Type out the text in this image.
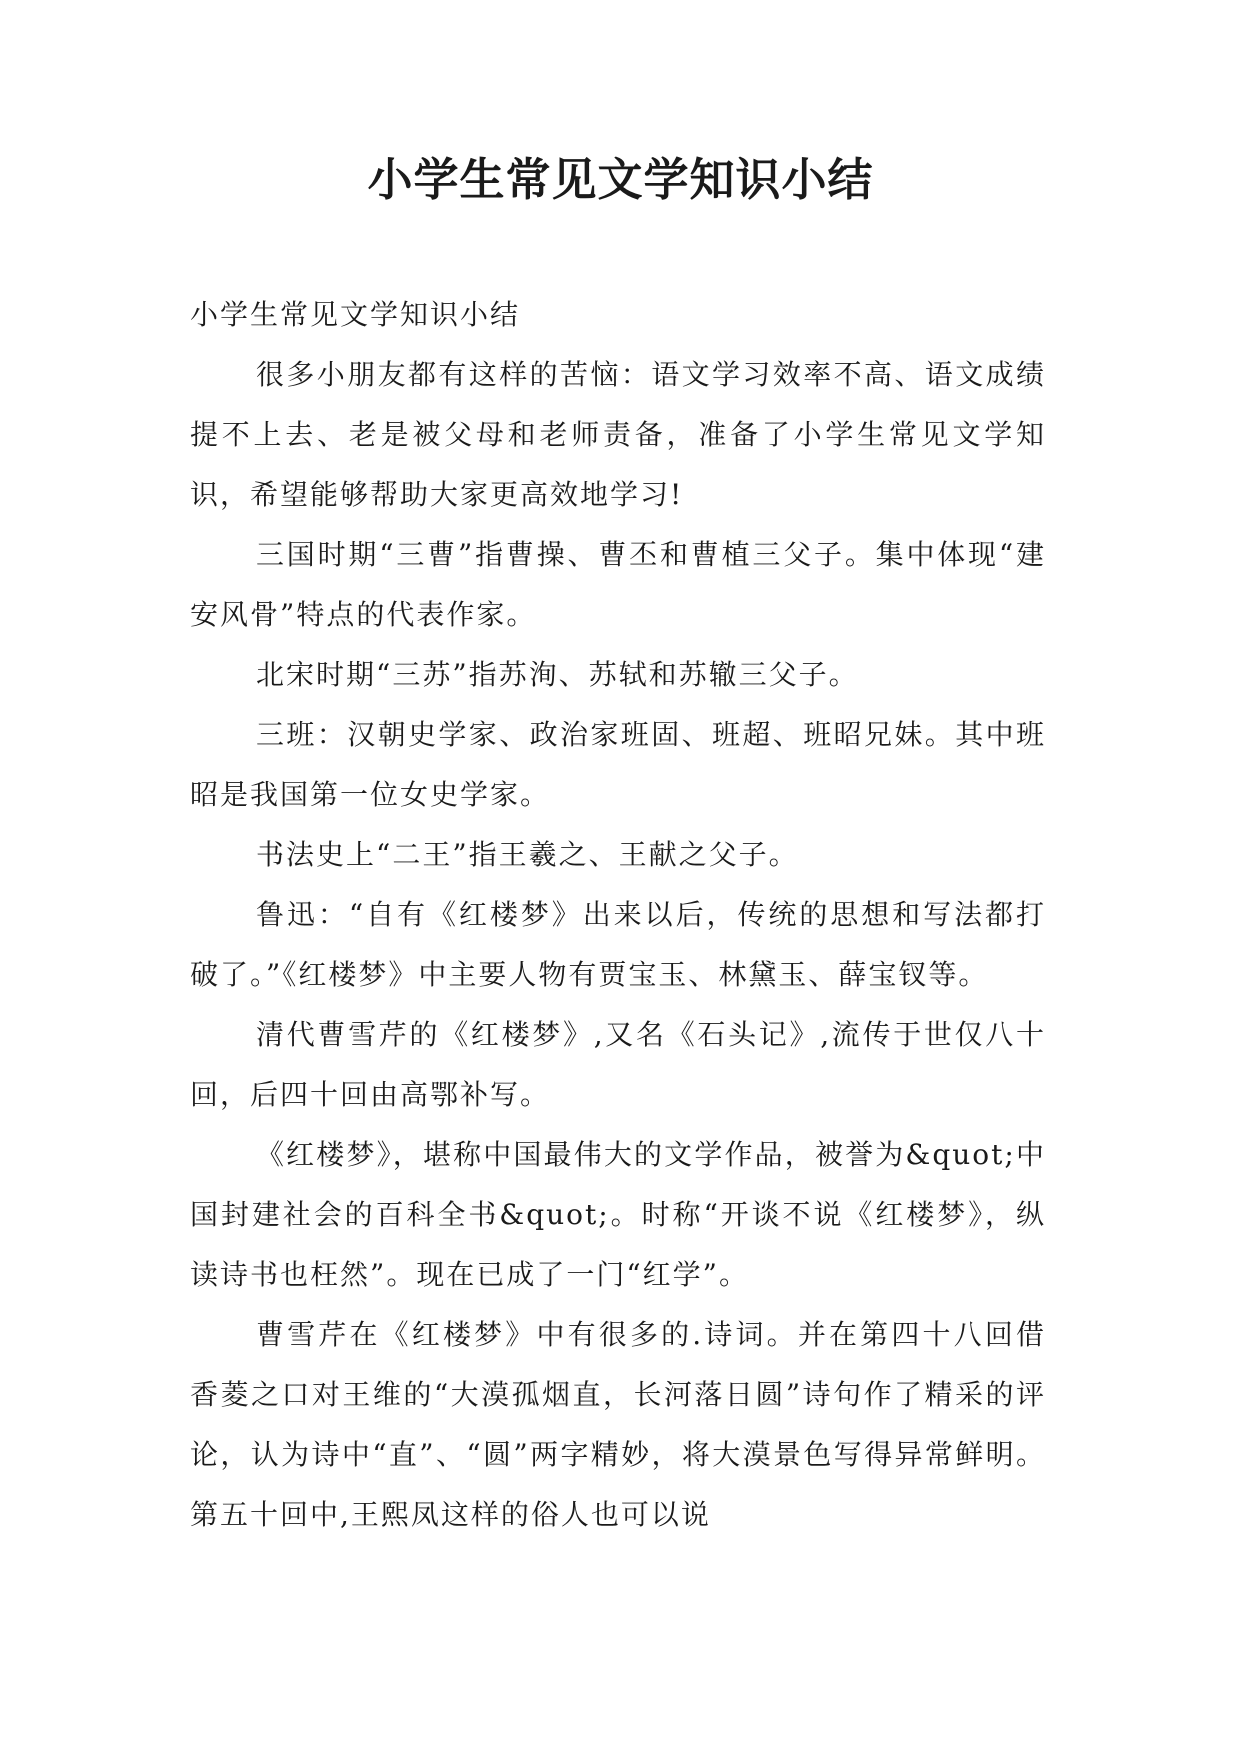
小学生常见文学知识小结

小学生常见文学知识小结

很多小朋友都有这样的苦恼：语文学习效率不高、语文成绩提不上去、老是被父母和老师责备，准备了小学生常见文学知识，希望能够帮助大家更高效地学习!

三国时期“三曹”指曹操、曹丕和曹植三父子。集中体现“建安风骨”特点的代表作家。

北宋时期“三苏”指苏洵、苏轼和苏辙三父子。

三班：汉朝史学家、政治家班固、班超、班昭兄妹。其中班 昭是我国第一位女史学家。

书法史上“二王”指王羲之、王献之父子。

鲁迅：“自有《红楼梦》出来以后，传统的思想和写法都打破了。”《红楼梦》中主要人物有贾宝玉、林黛玉、薛宝钗等。

清代曹雪芹的《红楼梦》,又名《石头记》,流传于世仅八十回，后四十回由高鄂补写。

《红楼梦》，堪称中国最伟大的文学作品，被誉为&quot;中国封建社会的百科全书&quot;。时称“开谈不说《红楼梦》，纵读诗书也枉然”。现在已成了一门“红学”。

曹雪芹在《红楼梦》中有很多的.诗词。并在第四十八回借香菱之口对王维的“大漠孤烟直，长河落日圆”诗句作了精采的评论，认为诗中“直”、“圆”两字精妙，将大漠景色写得异常鲜明。第五十回中,王熙凤这样的俗人也可以说
